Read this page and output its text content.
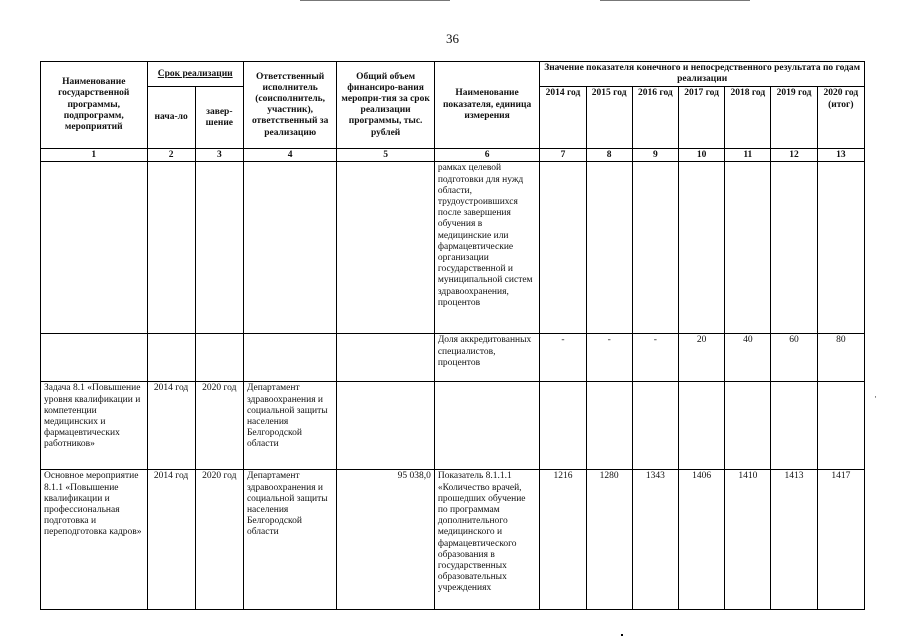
36
Наименование государственной программы, подпрограмм, мероприятий	Срок реализации		Ответственный исполнитель (соисполнитель, участник), ответственный за реализацию	Общий объем финансиро-вания меропри-тия за срок реализации программы, тыс. рублей	Наименование показателя, единица измерения	Значение показателя конечного и непосредственного результата по годам реализации						
	нача-ло	завер-шение				2014 год	2015 год	2016 год	2017 год	2018 год	2019 год	2020 год (итог)
1	2	3	4	5	6	7	8	9	10	11	12	13
					рамках целевой подготовки для нужд области, трудоустроившихся после завершения обучения в медицинские или фармацевтические организации государственной и муниципальной систем здравоохранения, процентов							
					Доля аккредитованных специалистов, процентов	-	-	-	20	40	60	80
Задача 8.1 «Повышение уровня квалификации и компетенции медицинских и фармацевтических работников»	2014 год	2020 год	Департамент здравоохранения и социальной защиты населения Белгородской области									
Основное мероприятие 8.1.1 «Повышение квалификации и профессиональная подготовка и переподготовка кадров»	2014 год	2020 год	Департамент здравоохранения и социальной защиты населения Белгородской области	95 038,0	Показатель 8.1.1.1 «Количество врачей, прошедших обучение по программам дополнительного медицинского и фармацевтического образования в государственных образовательных учреждениях	1216	1280	1343	1406	1410	1413	1417
·
